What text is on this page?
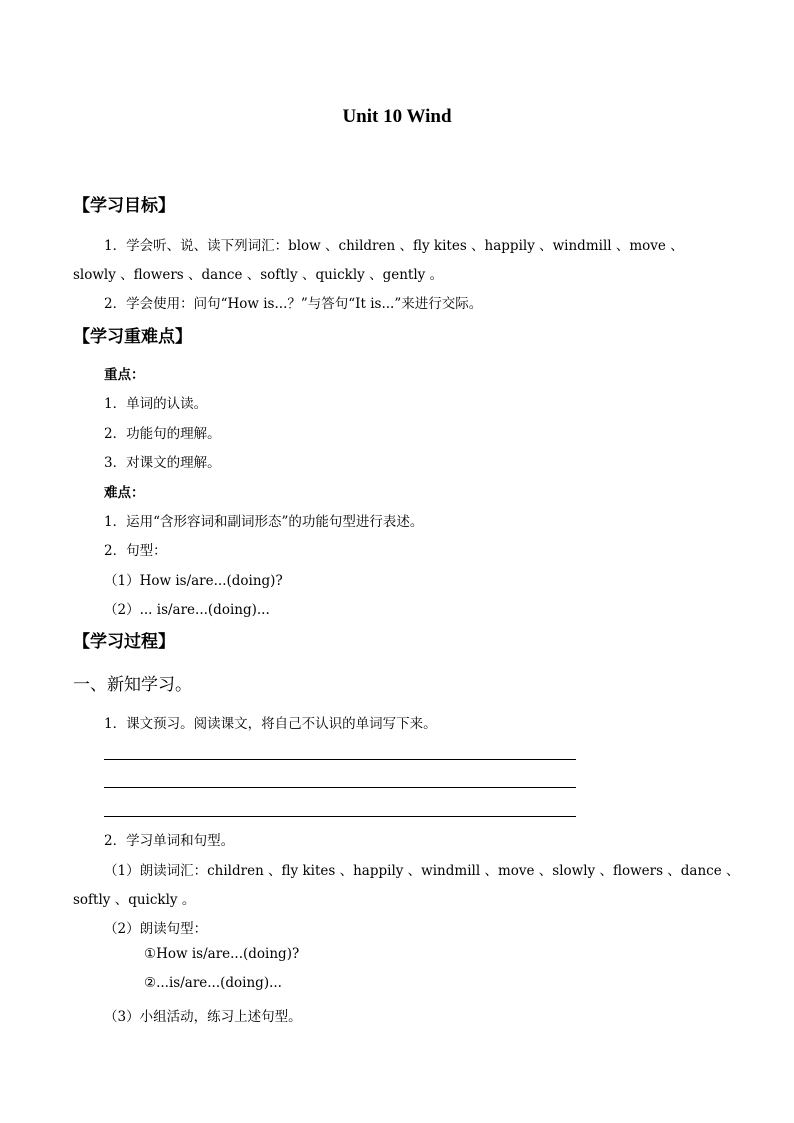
Unit 10 Wind
【学习目标】
1．学会听、说、读下列词汇：blow 、children 、fly kites 、happily 、windmill 、move 、
slowly 、flowers 、dance 、softly 、quickly 、gently 。
2．学会使用：问句“How is...？”与答句“It is...”来进行交际。
【学习重难点】
重点：
1．单词的认读。
2．功能句的理解。
3．对课文的理解。
难点：
1．运用“含形容词和副词形态”的功能句型进行表述。
2．句型：
（1）How is/are...(doing)?
（2）... is/are...(doing)...
【学习过程】
一、新知学习。
1．课文预习。阅读课文，将自己不认识的单词写下来。
2．学习单词和句型。
（1）朗读词汇：children 、fly kites 、happily 、windmill 、move 、slowly 、flowers 、dance 、
softly 、quickly 。
（2）朗读句型：
①How is/are...(doing)?
②...is/are...(doing)...
（3）小组活动，练习上述句型。
